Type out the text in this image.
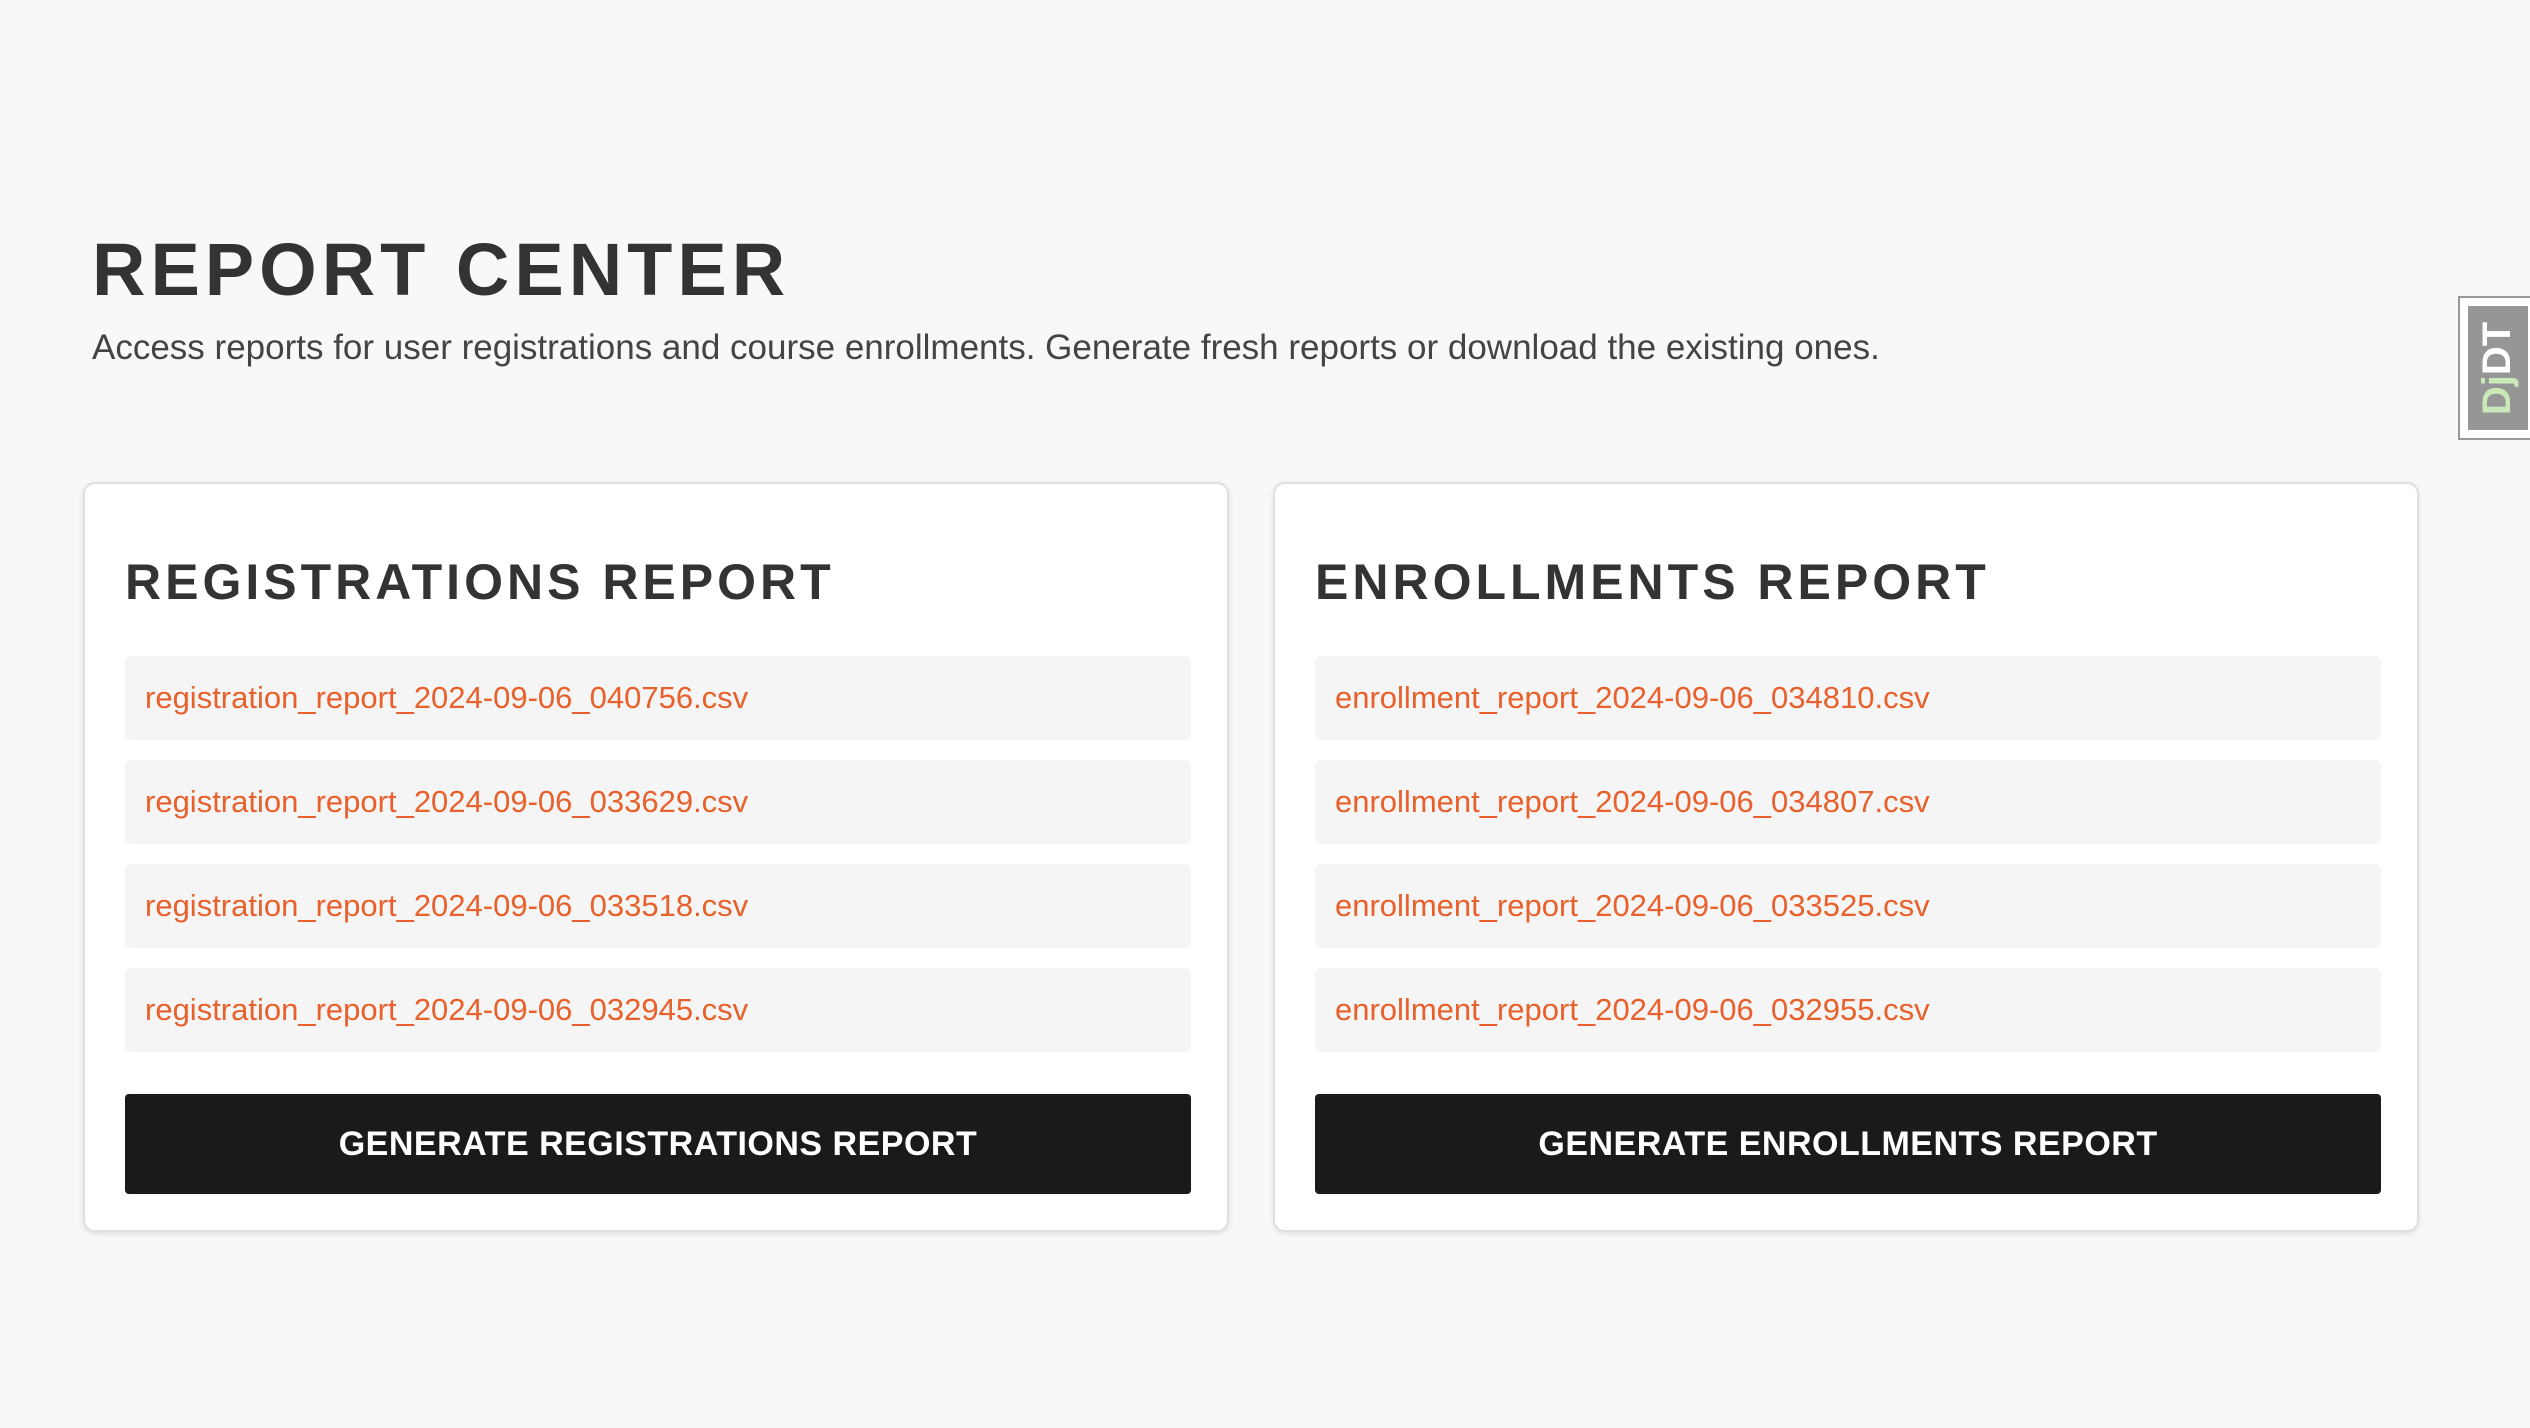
REPORT CENTER

Access reports for user registrations and course enrollments. Generate fresh reports or download the existing ones.

REGISTRATIONS REPORT
registration_report_2024-09-06_040756.csv
registration_report_2024-09-06_033629.csv
registration_report_2024-09-06_033518.csv
registration_report_2024-09-06_032945.csv
GENERATE REGISTRATIONS REPORT
ENROLLMENTS REPORT
enrollment_report_2024-09-06_034810.csv
enrollment_report_2024-09-06_034807.csv
enrollment_report_2024-09-06_033525.csv
enrollment_report_2024-09-06_032955.csv
GENERATE ENROLLMENTS REPORT
DjDT
